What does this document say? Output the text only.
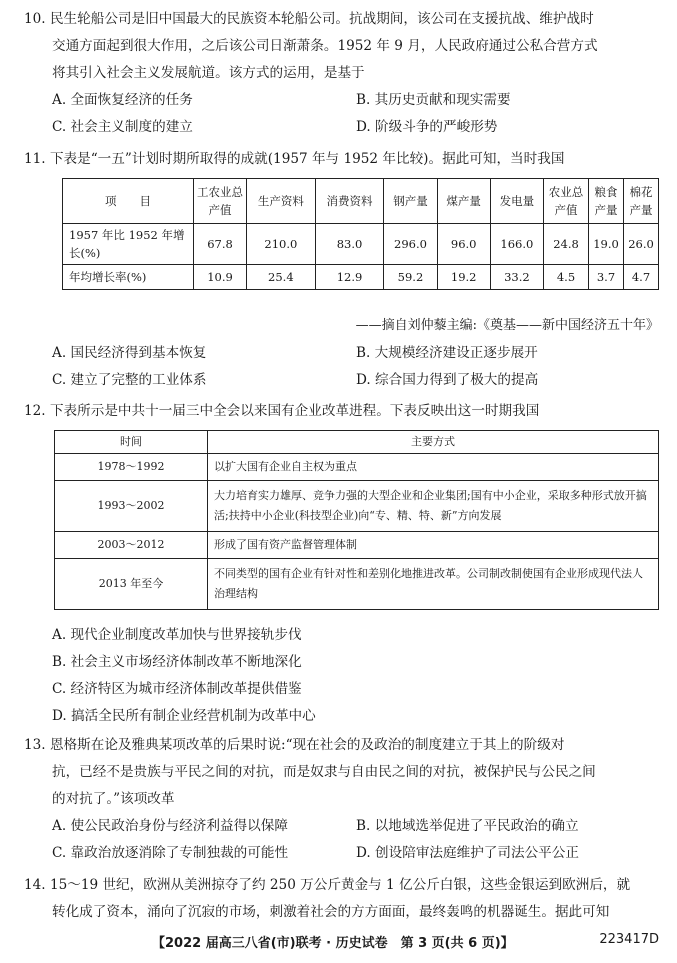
10. 民生轮船公司是旧中国最大的民族资本轮船公司。抗战期间，该公司在支援抗战、维护战时

交通方面起到很大作用，之后该公司日渐萧条。1952 年 9 月，人民政府通过公私合营方式

将其引入社会主义发展航道。该方式的运用，是基于

A. 全面恢复经济的任务	B. 其历史贡献和现实需要
C. 社会主义制度的建立	D. 阶级斗争的严峻形势

11. 下表是“一五”计划时期所取得的成就(1957 年与 1952 年比较)。据此可知，当时我国

项　　目	工农业总产值	生产资料	消费资料	钢产量	煤产量	发电量	农业总产值	粮食产量	棉花产量
1957 年比 1952 年增长(%)	67.8	210.0	83.0	296.0	96.0	166.0	24.8	19.0	26.0
年均增长率(%)	10.9	25.4	12.9	59.2	19.2	33.2	4.5	3.7	4.7
——摘自刘仲藜主编:《奠基——新中国经济五十年》
A. 国民经济得到基本恢复	B. 大规模经济建设正逐步展开
C. 建立了完整的工业体系	D. 综合国力得到了极大的提高

12. 下表所示是中共十一届三中全会以来国有企业改革进程。下表反映出这一时期我国

时间	主要方式
1978～1992	以扩大国有企业自主权为重点
1993～2002	大力培育实力雄厚、竞争力强的大型企业和企业集团;国有中小企业，采取多种形式放开搞活;扶持中小企业(科技型企业)向“专、精、特、新”方向发展
2003～2012	形成了国有资产监督管理体制
2013 年至今	不同类型的国有企业有针对性和差别化地推进改革。公司制改制使国有企业形成现代法人治理结构

A. 现代企业制度改革加快与世界接轨步伐

B. 社会主义市场经济体制改革不断地深化

C. 经济特区为城市经济体制改革提供借鉴

D. 搞活全民所有制企业经营机制为改革中心

13. 恩格斯在论及雅典某项改革的后果时说:“现在社会的及政治的制度建立于其上的阶级对

抗，已经不是贵族与平民之间的对抗，而是奴隶与自由民之间的对抗，被保护民与公民之间

的对抗了。”该项改革

A. 使公民政治身份与经济利益得以保障	B. 以地域选举促进了平民政治的确立
C. 靠政治放逐消除了专制独裁的可能性	D. 创设陪审法庭维护了司法公平公正

14. 15～19 世纪，欧洲从美洲掠夺了约 250 万公斤黄金与 1 亿公斤白银，这些金银运到欧洲后，就

转化成了资本，涌向了沉寂的市场，刺激着社会的方方面面，最终轰鸣的机器诞生。据此可知

【2022 届高三八省(市)联考 · 历史试卷　第 3 页(共 6 页)】	223417D
